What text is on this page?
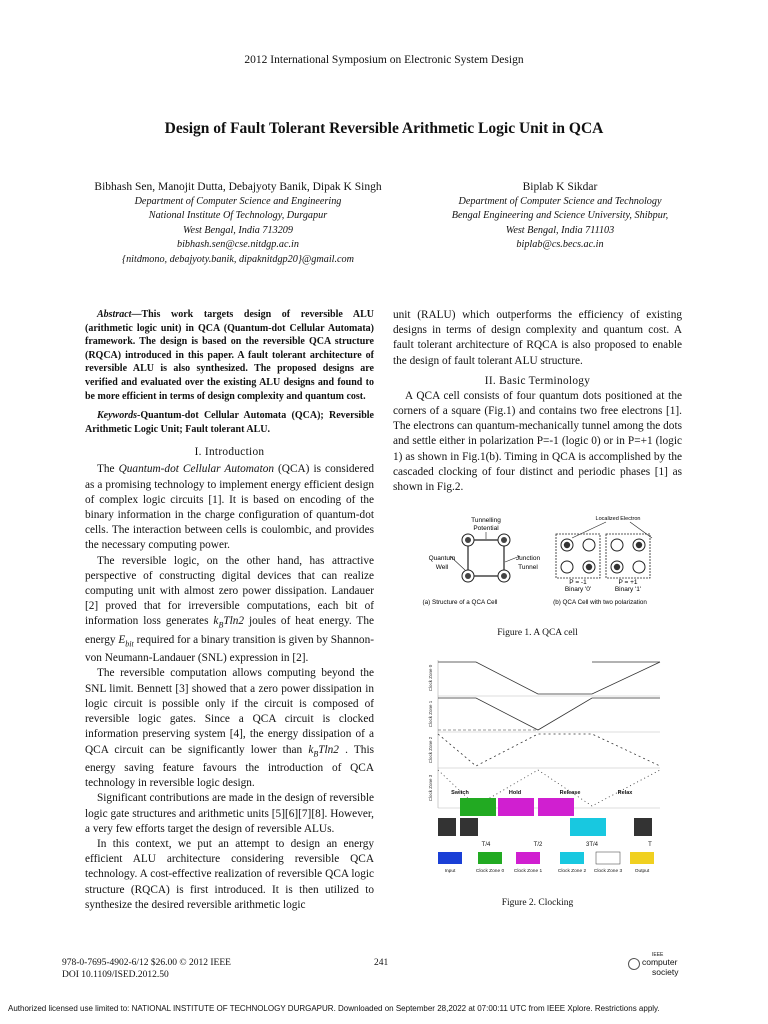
2012 International Symposium on Electronic System Design
Design of Fault Tolerant Reversible Arithmetic Logic Unit in QCA
Bibhash Sen, Manojit Dutta, Debajyoty Banik, Dipak K Singh
Department of Computer Science and Engineering
National Institute Of Technology, Durgapur
West Bengal, India 713209
bibhash.sen@cse.nitdgp.ac.in
{nitdmono, debajyoty.banik, dipaknitdgp20}@gmail.com
Biplab K Sikdar
Department of Computer Science and Technology
Bengal Engineering and Science University, Shibpur,
West Bengal, India 711103
biplab@cs.becs.ac.in

Abstract—This work targets design of reversible ALU (arithmetic logic unit) in QCA (Quantum-dot Cellular Automata) framework. The design is based on the reversible QCA structure (RQCA) introduced in this paper. A fault tolerant architecture of reversible ALU is also synthesized. The proposed designs are verified and evaluated over the existing ALU designs and found to be more efficient in terms of design complexity and quantum cost.

Keywords-Quantum-dot Cellular Automata (QCA); Reversible Arithmetic Logic Unit; Fault tolerant ALU.

I. Introduction

The Quantum-dot Cellular Automaton (QCA) is considered as a promising technology to implement energy efficient design of complex logic circuits [1]. It is based on encoding of the binary information in the charge configuration of quantum-dot cells. The interaction between cells is coulombic, and provides the necessary computing power.

The reversible logic, on the other hand, has attractive perspective of constructing digital devices that can realize computing unit with almost zero power dissipation. Landauer [2] proved that for irreversible computations, each bit of information loss generates $k_BTln2$ joules of heat energy. The energy $E_{bit}$ required for a binary transition is given by Shannon-von Neumann-Landauer (SNL) expression in [2].

The reversible computation allows computing beyond the SNL limit. Bennett [3] showed that a zero power dissipation in logic circuit is possible only if the circuit is composed of reversible logic gates. Since a QCA circuit is clocked information preserving system [4], the energy dissipation of a QCA circuit can be significantly lower than $k_BTln2$ . This energy saving feature favours the introduction of QCA technology in reversible logic design.

Significant contributions are made in the design of reversible logic gate structures and arithmetic units [5][6][7][8]. However, a very few efforts target the design of reversible ALUs.

In this context, we put an attempt to design an energy efficient ALU architecture considering reversible QCA technology. A cost-effective realization of reversible QCA logic structure (RQCA) is first introduced. It is then utilized to synthesize the desired reversible arithmetic logic

unit (RALU) which outperforms the efficiency of existing designs in terms of design complexity and quantum cost. A fault tolerant architecture of RQCA is also proposed to enable the design of fault tolerant ALU structure.

II. Basic Terminology

A QCA cell consists of four quantum dots positioned at the corners of a square (Fig.1) and contains two free electrons [1]. The electrons can quantum-mechanically tunnel among the dots and settle either in polarization P=-1 (logic 0) or in P=+1 (logic 1) as shown in Fig.1(b). Timing in QCA is accomplished by the cascaded clocking of four distinct and periodic phases [1] as shown in Fig.2.

Tunnelling
Potential
Quantum
Well
Junction
Tunnel
Localized Electron
P = -1
Binary '0'
P = +1
Binary '1'
(a) Structure of a QCA Cell	(b) QCA Cell with two polarization
Figure 1. A QCA cell
Clock Zone 0
Clock Zone 1
Clock Zone 2
Clock Zone 3	Switch	Hold	Release	Relax
T/4	T/2	3T/4	T
Input	Clock Zone 0 Clock Zone 1	Clock Zone 2 Clock Zone 3	Output
Figure 2. Clocking
978-0-7695-4902-6/12 $26.00 © 2012 IEEE
DOI 10.1109/ISED.2012.50
241
IEEE
computer
society
Authorized licensed use limited to: NATIONAL INSTITUTE OF TECHNOLOGY DURGAPUR. Downloaded on September 28,2022 at 07:00:11 UTC from IEEE Xplore. Restrictions apply.
